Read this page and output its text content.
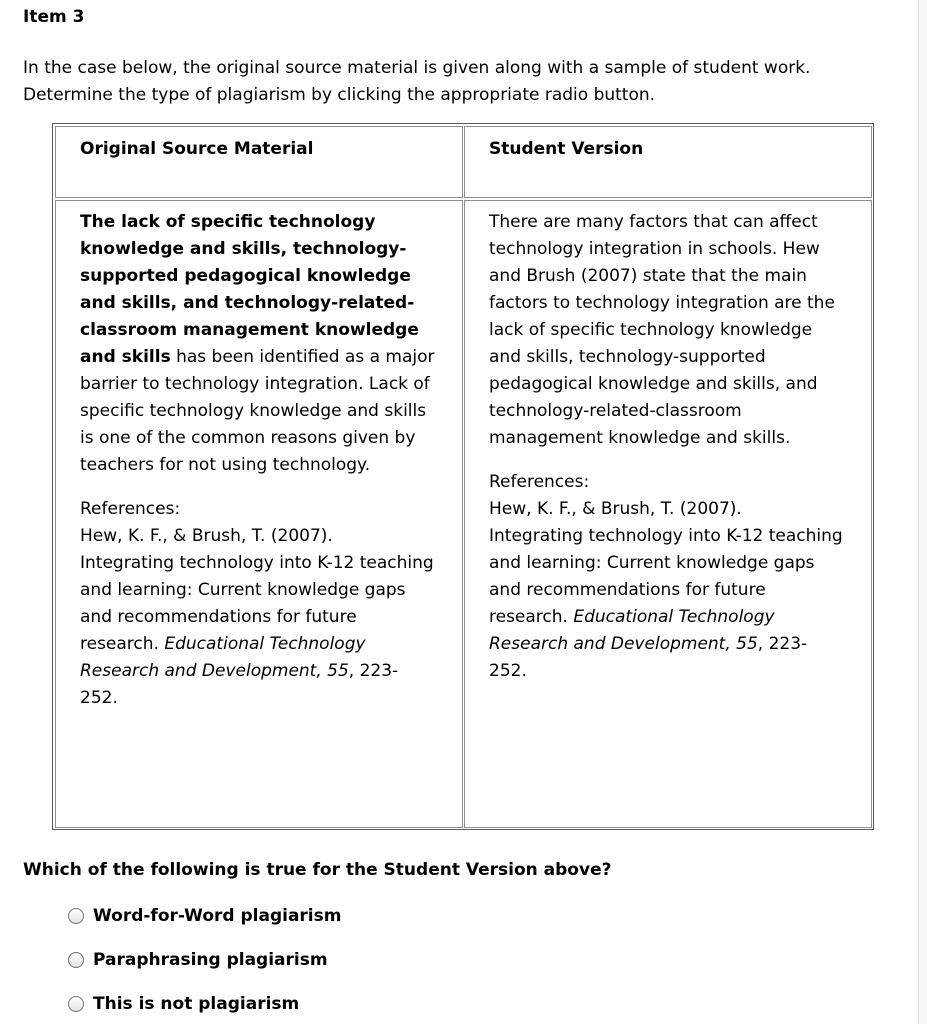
Item 3

In the case below, the original source material is given along with a sample of student work. Determine the type of plagiarism by clicking the appropriate radio button.

Original Source Material	Student Version

The lack of specific technology knowledge and skills, technology-supported pedagogical knowledge and skills, and technology-related-classroom management knowledge and skills has been identified as a major barrier to technology integration. Lack of specific technology knowledge and skills is one of the common reasons given by teachers for not using technology.

References:
Hew, K. F., & Brush, T. (2007).
Integrating technology into K-12 teaching and learning: Current knowledge gaps and recommendations for future research. Educational Technology
Research and Development, 55, 223-252.

There are many factors that can affect technology integration in schools. Hew and Brush (2007) state that the main factors to technology integration are the lack of specific technology knowledge and skills, technology-supported pedagogical knowledge and skills, and technology-related-classroom management knowledge and skills.

References:
Hew, K. F., & Brush, T. (2007).
Integrating technology into K-12 teaching and learning: Current knowledge gaps and recommendations for future research. Educational Technology Research and Development, 55, 223-252.

Which of the following is true for the Student Version above?

Word-for-Word plagiarism
Paraphrasing plagiarism
This is not plagiarism
